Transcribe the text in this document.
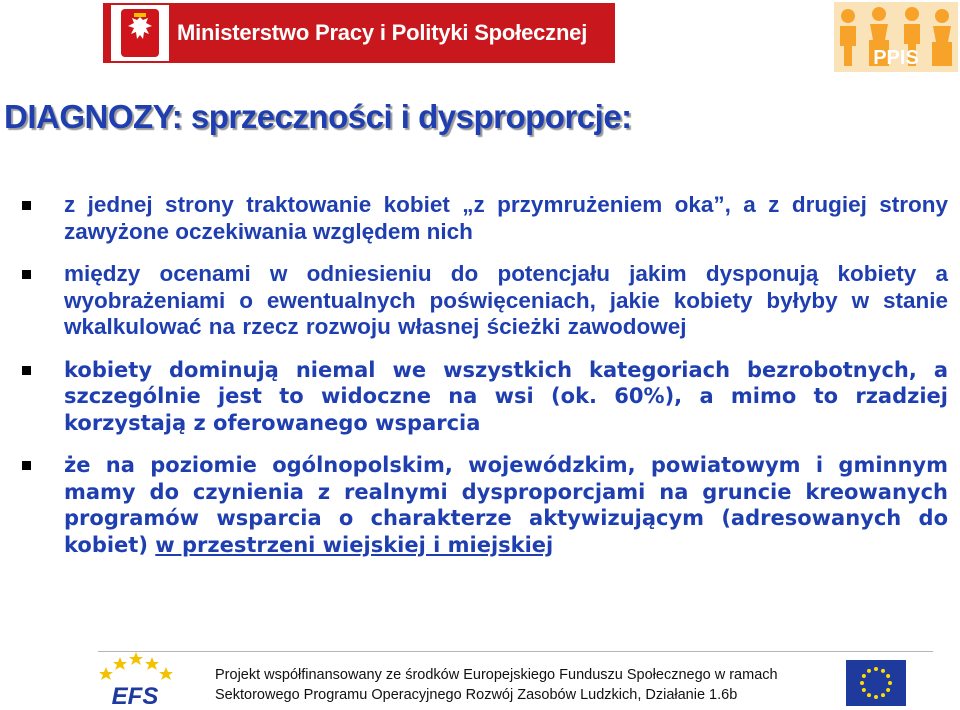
Ministerstwo Pracy i Polityki Społecznej
PPIS
DIAGNOZY: sprzeczności i dysproporcje:
z jednej strony traktowanie kobiet „z przymrużeniem oka”, a z drugiej strony zawyżone oczekiwania względem nich
między ocenami w odniesieniu do potencjału jakim dysponują kobiety a wyobrażeniami o ewentualnych poświęceniach, jakie kobiety byłyby w stanie wkalkulować na rzecz rozwoju własnej ścieżki zawodowej
kobiety dominują niemal we wszystkich kategoriach bezrobotnych, a szczególnie jest to widoczne na wsi (ok. 60%), a mimo to rzadziej korzystają z oferowanego wsparcia
że na poziomie ogólnopolskim, wojewódzkim, powiatowym i gminnym mamy do czynienia z realnymi dysproporcjami na gruncie kreowanych programów wsparcia o charakterze aktywizującym (adresowanych do kobiet) w przestrzeni wiejskiej i miejskiej
EFS
Projekt współfinansowany ze środków Europejskiego Funduszu Społecznego w ramach
Sektorowego Programu Operacyjnego Rozwój Zasobów Ludzkich, Działanie 1.6b
